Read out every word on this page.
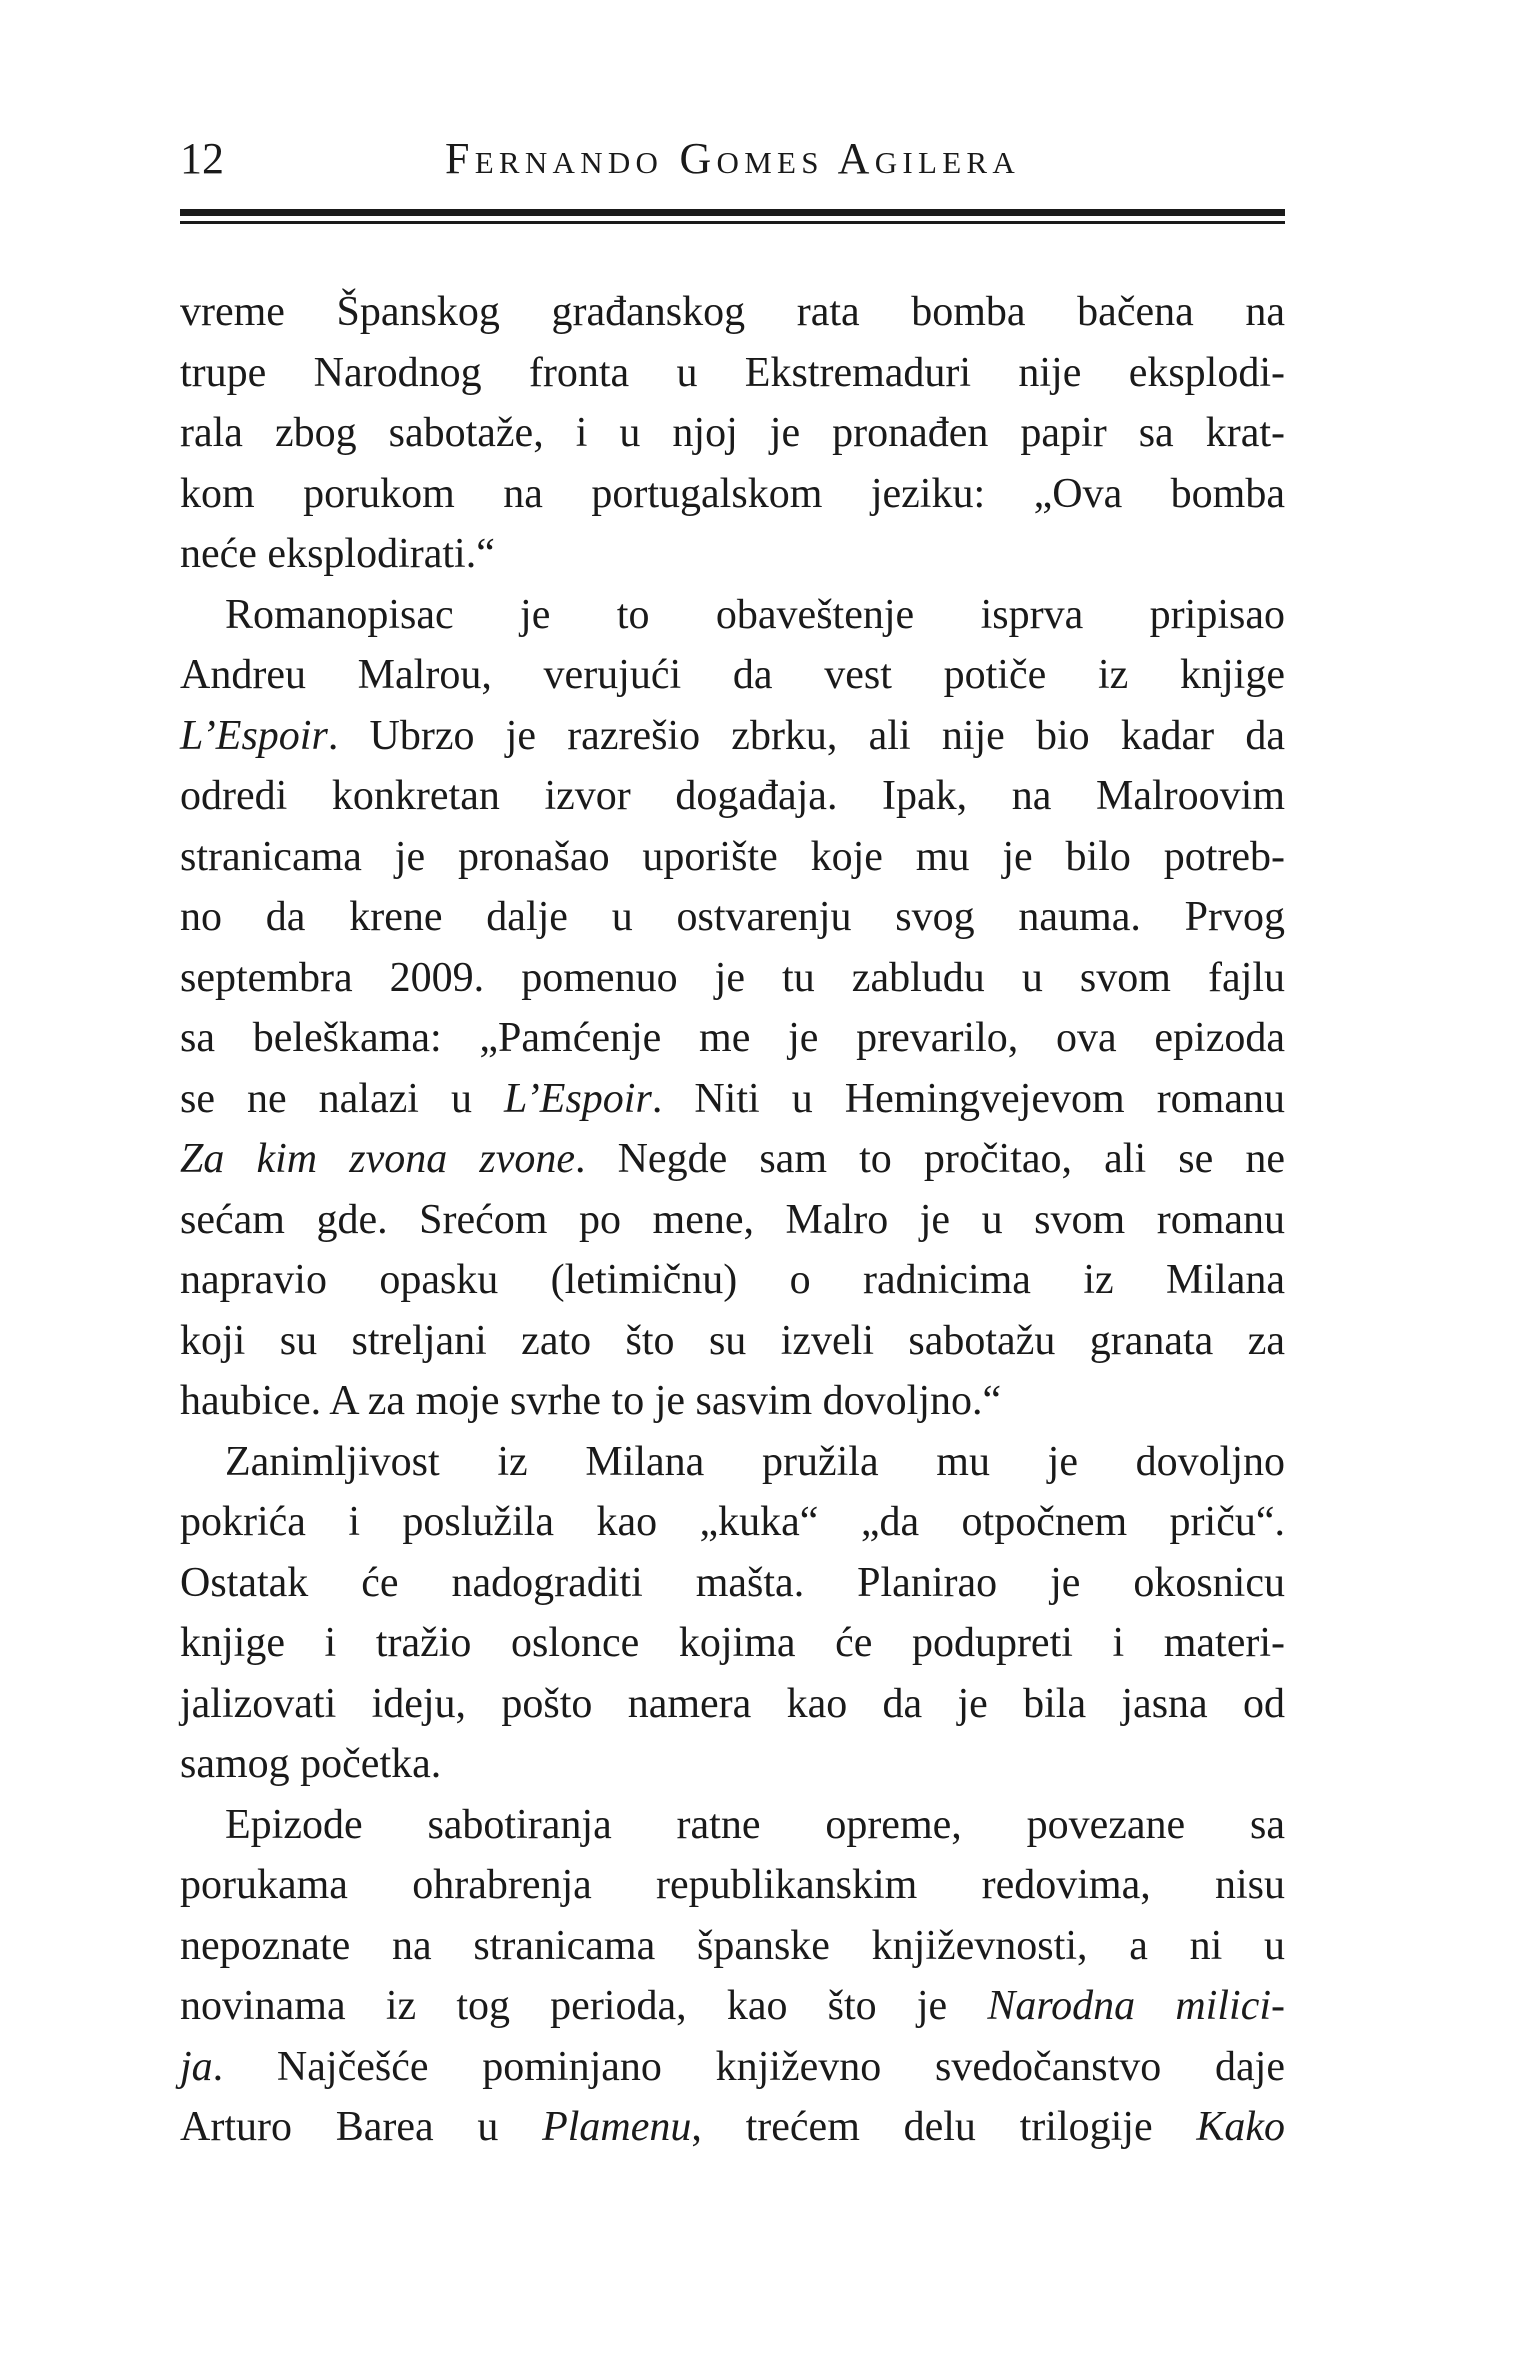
12	Fernando Gomes Agilera
vreme Španskog građanskog rata bomba bačena na
trupe Narodnog fronta u Ekstremaduri nije eksplodi-
rala zbog sabotaže, i u njoj je pronađen papir sa krat-
kom porukom na portugalskom jeziku: „Ova bomba
neće eksplodirati.“
Romanopisac je to obaveštenje isprva pripisao
Andreu Malrou, verujući da vest potiče iz knjige
L’Espoir. Ubrzo je razrešio zbrku, ali nije bio kadar da
odredi konkretan izvor događaja. Ipak, na Malroovim
stranicama je pronašao uporište koje mu je bilo potreb-
no da krene dalje u ostvarenju svog nauma. Prvog
septembra 2009. pomenuo je tu zabludu u svom fajlu
sa beleškama: „Pamćenje me je prevarilo, ova epizoda
se ne nalazi u L’Espoir. Niti u Hemingvejevom romanu
Za kim zvona zvone. Negde sam to pročitao, ali se ne
sećam gde. Srećom po mene, Malro je u svom romanu
napravio opasku (letimičnu) o radnicima iz Milana
koji su streljani zato što su izveli sabotažu granata za
haubice. A za moje svrhe to je sasvim dovoljno.“
Zanimljivost iz Milana pružila mu je dovoljno
pokrića i poslužila kao „kuka“ „da otpočnem priču“.
Ostatak će nadograditi mašta. Planirao je okosnicu
knjige i tražio oslonce kojima će podupreti i materi-
jalizovati ideju, pošto namera kao da je bila jasna od
samog početka.
Epizode sabotiranja ratne opreme, povezane sa
porukama ohrabrenja republikanskim redovima, nisu
nepoznate na stranicama španske književnosti, a ni u
novinama iz tog perioda, kao što je Narodna milici-
ja. Najčešće pominjano književno svedočanstvo daje
Arturo Barea u Plamenu, trećem delu trilogije Kako
